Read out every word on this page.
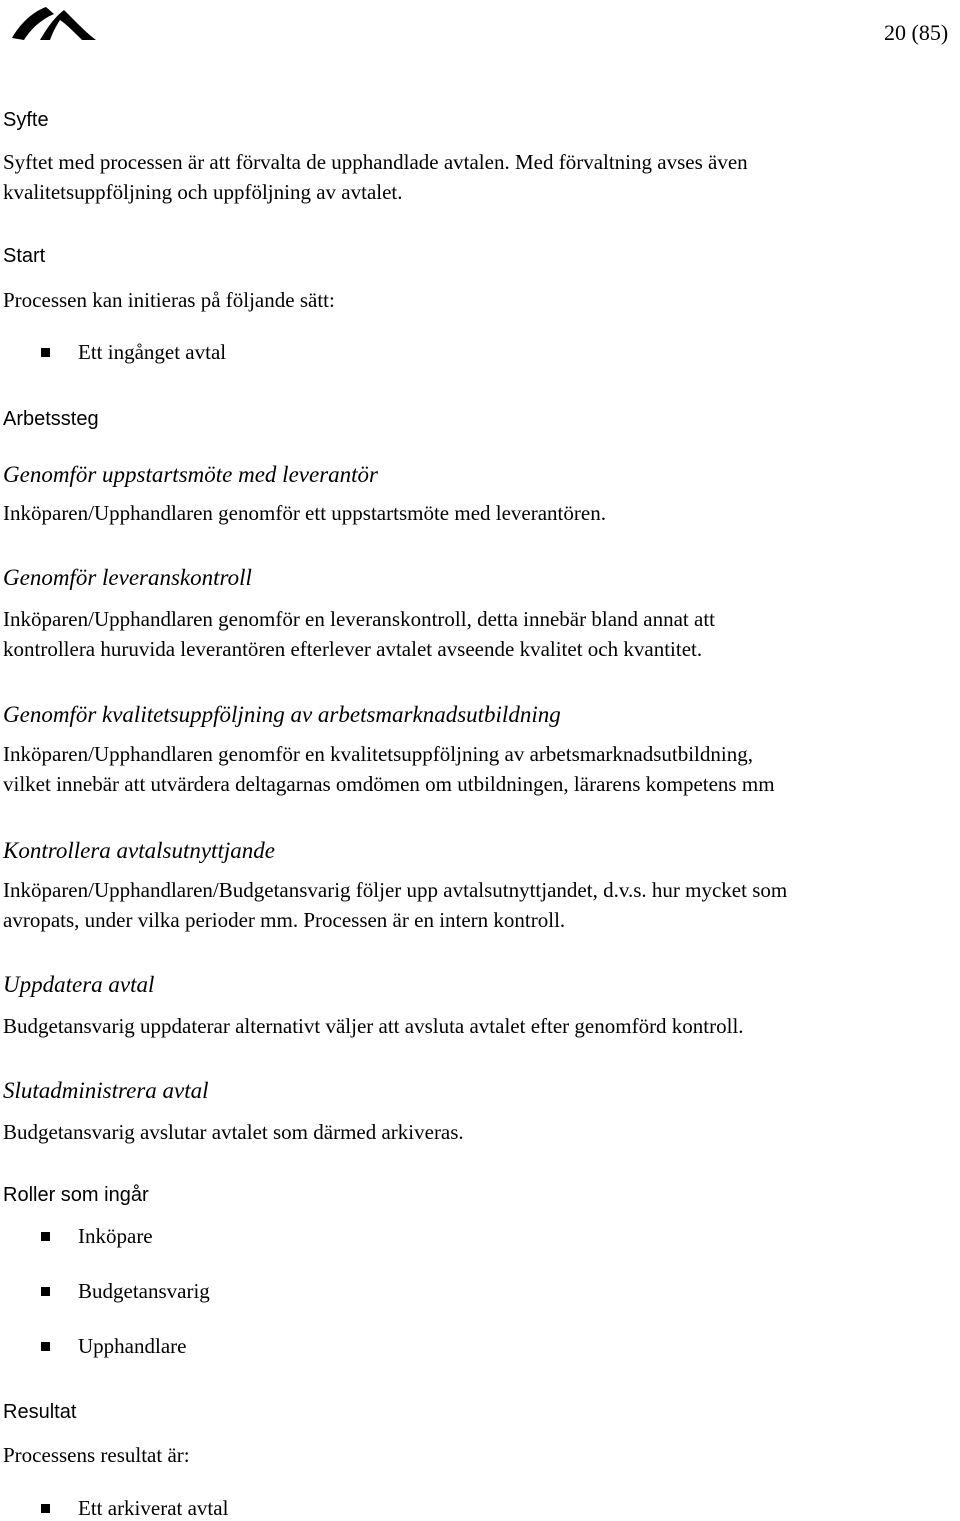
20 (85)
Syfte
Syftet med processen är att förvalta de upphandlade avtalen. Med förvaltning avses även
kvalitetsuppföljning och uppföljning av avtalet.
Start
Processen kan initieras på följande sätt:
Ett ingånget avtal
Arbetssteg
Genomför uppstartsmöte med leverantör
Inköparen/Upphandlaren genomför ett uppstartsmöte med leverantören.
Genomför leveranskontroll
Inköparen/Upphandlaren genomför en leveranskontroll, detta innebär bland annat att
kontrollera huruvida leverantören efterlever avtalet avseende kvalitet och kvantitet.
Genomför kvalitetsuppföljning av arbetsmarknadsutbildning
Inköparen/Upphandlaren genomför en kvalitetsuppföljning av arbetsmarknadsutbildning,
vilket innebär att utvärdera deltagarnas omdömen om utbildningen, lärarens kompetens mm
Kontrollera avtalsutnyttjande
Inköparen/Upphandlaren/Budgetansvarig följer upp avtalsutnyttjandet, d.v.s. hur mycket som
avropats, under vilka perioder mm. Processen är en intern kontroll.
Uppdatera avtal
Budgetansvarig uppdaterar alternativt väljer att avsluta avtalet efter genomförd kontroll.
Slutadministrera avtal
Budgetansvarig avslutar avtalet som därmed arkiveras.
Roller som ingår
Inköpare
Budgetansvarig
Upphandlare
Resultat
Processens resultat är:
Ett arkiverat avtal
